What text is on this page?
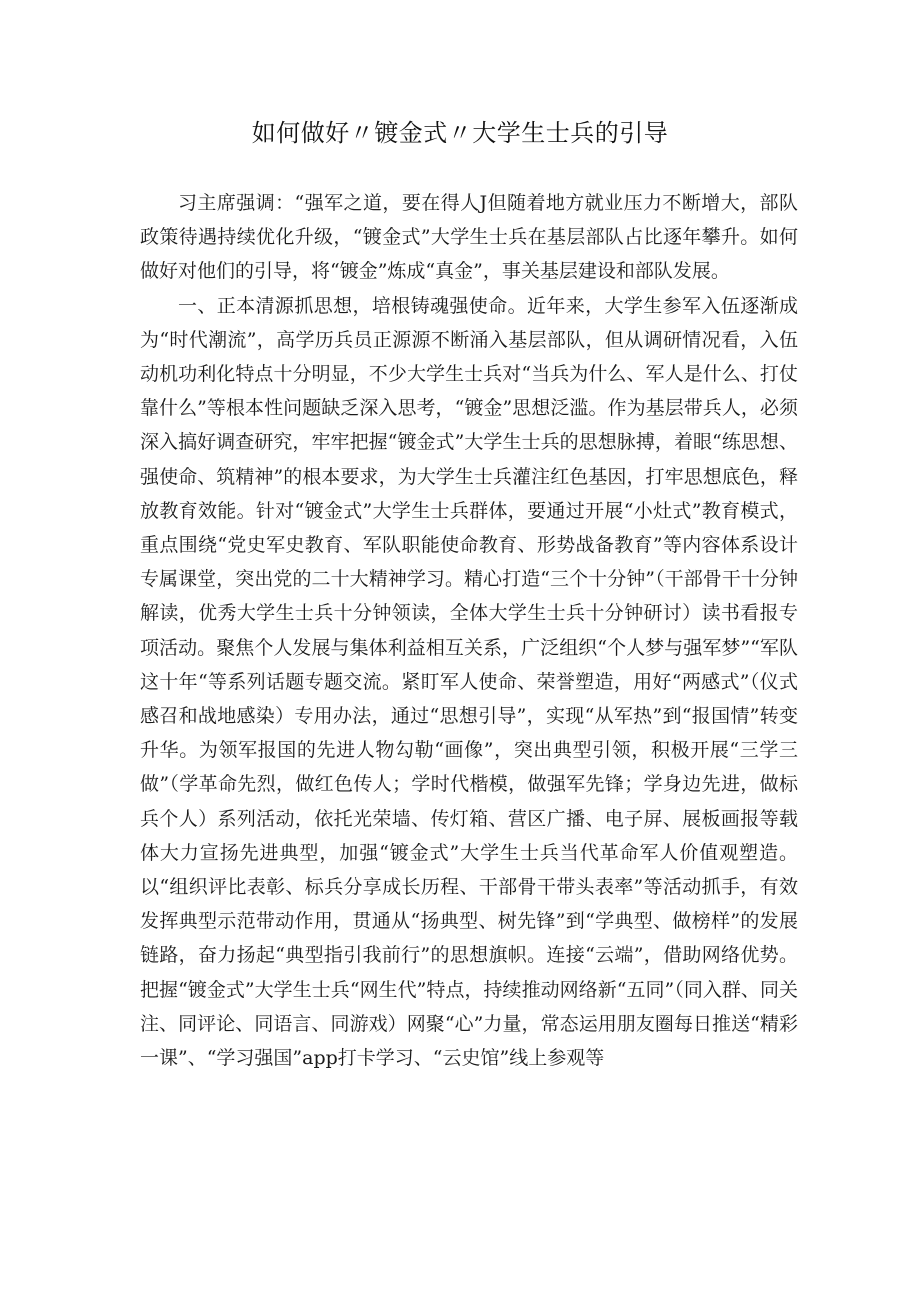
如何做好〃镀金式〃大学生士兵的引导

习主席强调：“强军之道，要在得人J但随着地方就业压力不断增大，部队政策待遇持续优化升级，“镀金式”大学生士兵在基层部队占比逐年攀升。如何做好对他们的引导，将“镀金”炼成“真金”，事关基层建设和部队发展。

一、正本清源抓思想，培根铸魂强使命。近年来，大学生参军入伍逐渐成为“时代潮流”，高学历兵员正源源不断涌入基层部队，但从调研情况看，入伍动机功利化特点十分明显，不少大学生士兵对“当兵为什么、军人是什么、打仗靠什么”等根本性问题缺乏深入思考，“镀金”思想泛滥。作为基层带兵人，必须深入搞好调查研究，牢牢把握“镀金式”大学生士兵的思想脉搏，着眼“练思想、强使命、筑精神”的根本要求，为大学生士兵灌注红色基因，打牢思想底色，释放教育效能。针对“镀金式”大学生士兵群体，要通过开展“小灶式”教育模式，重点围绕“党史军史教育、军队职能使命教育、形势战备教育”等内容体系设计专属课堂，突出党的二十大精神学习。精心打造“三个十分钟”（干部骨干十分钟解读，优秀大学生士兵十分钟领读，全体大学生士兵十分钟研讨）读书看报专项活动。聚焦个人发展与集体利益相互关系，广泛组织“个人梦与强军梦”“军队这十年“等系列话题专题交流。紧盯军人使命、荣誉塑造，用好“两感式”（仪式感召和战地感染）专用办法，通过“思想引导”，实现“从军热”到“报国情”转变升华。为领军报国的先进人物勾勒“画像”，突出典型引领，积极开展“三学三做”（学革命先烈，做红色传人；学时代楷模，做强军先锋；学身边先进，做标兵个人）系列活动，依托光荣墙、传灯箱、营区广播、电子屏、展板画报等载体大力宣扬先进典型，加强“镀金式”大学生士兵当代革命军人价值观塑造。以“组织评比表彰、标兵分享成长历程、干部骨干带头表率”等活动抓手，有效发挥典型示范带动作用，贯通从“扬典型、树先锋”到“学典型、做榜样”的发展链路，奋力扬起“典型指引我前行”的思想旗帜。连接“云端”，借助网络优势。把握“镀金式”大学生士兵“网生代”特点，持续推动网络新“五同”（同入群、同关注、同评论、同语言、同游戏）网聚“心”力量，常态运用朋友圈每日推送“精彩一课”、“学习强国”app打卡学习、“云史馆”线上参观等
